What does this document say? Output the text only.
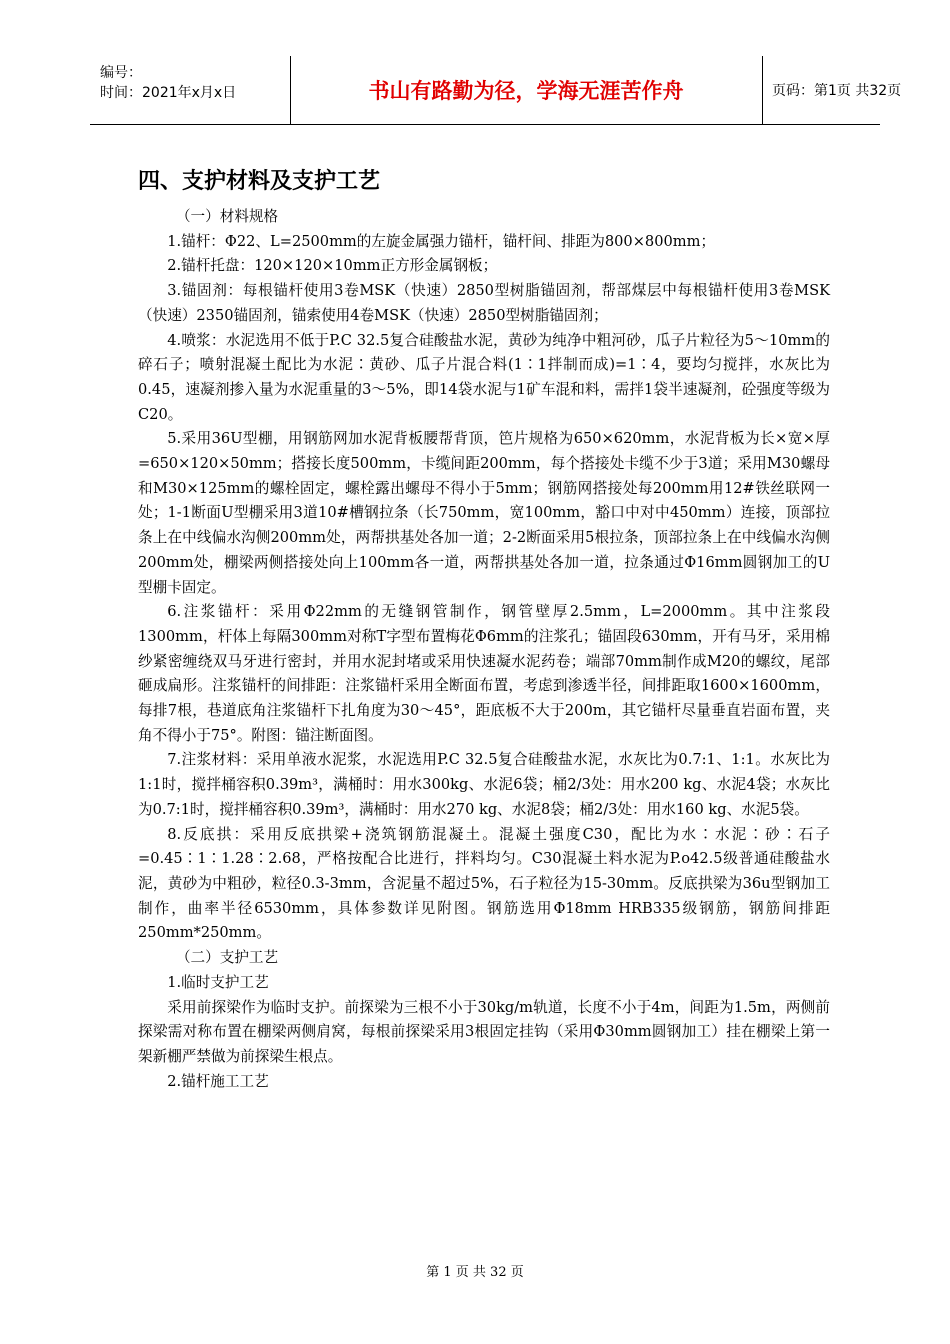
编号：
时间：2021年x月x日	书山有路勤为径，学海无涯苦作舟	页码：第1页 共32页
四、支护材料及支护工艺

（一）材料规格

1.锚杆：Φ22、L=2500mm的左旋金属强力锚杆，锚杆间、排距为800×800mm；

2.锚杆托盘：120×120×10mm正方形金属钢板；

3.锚固剂：每根锚杆使用3卷MSK（快速）2850型树脂锚固剂，帮部煤层中每根锚杆使用3卷MSK（快速）2350锚固剂，锚索使用4卷MSK（快速）2850型树脂锚固剂；

4.喷浆：水泥选用不低于P.C 32.5复合硅酸盐水泥，黄砂为纯净中粗河砂，瓜子片粒径为5～10mm的碎石子；喷射混凝土配比为水泥∶黄砂、瓜子片混合料(1∶1拌制而成)=1∶4，要均匀搅拌，水灰比为0.45，速凝剂掺入量为水泥重量的3～5%，即14袋水泥与1矿车混和料，需拌1袋半速凝剂，砼强度等级为C20。

5.采用36U型棚，用钢筋网加水泥背板腰帮背顶，笆片规格为650×620mm，水泥背板为长×宽×厚=650×120×50mm；搭接长度500mm，卡缆间距200mm，每个搭接处卡缆不少于3道；采用M30螺母和M30×125mm的螺栓固定，螺栓露出螺母不得小于5mm；钢筋网搭接处每200mm用12#铁丝联网一处；1-1断面U型棚采用3道10#槽钢拉条（长750mm，宽100mm，豁口中对中450mm）连接，顶部拉条上在中线偏水沟侧200mm处，两帮拱基处各加一道；2-2断面采用5根拉条，顶部拉条上在中线偏水沟侧200mm处，棚梁两侧搭接处向上100mm各一道，两帮拱基处各加一道，拉条通过Φ16mm圆钢加工的U型棚卡固定。

6.注浆锚杆：采用Φ22mm的无缝钢管制作，钢管壁厚2.5mm，L=2000mm。其中注浆段1300mm，杆体上每隔300mm对称T字型布置梅花Φ6mm的注浆孔；锚固段630mm，开有马牙，采用棉纱紧密缠绕双马牙进行密封，并用水泥封堵或采用快速凝水泥药卷；端部70mm制作成M20的螺纹，尾部砸成扁形。注浆锚杆的间排距：注浆锚杆采用全断面布置，考虑到渗透半径，间排距取1600×1600mm，每排7根，巷道底角注浆锚杆下扎角度为30～45°，距底板不大于200m，其它锚杆尽量垂直岩面布置，夹角不得小于75°。附图：锚注断面图。

7.注浆材料：采用单液水泥浆，水泥选用P.C 32.5复合硅酸盐水泥，水灰比为0.7:1、1:1。水灰比为1:1时，搅拌桶容积0.39m³，满桶时：用水300kg、水泥6袋；桶2/3处：用水200 kg、水泥4袋；水灰比为0.7:1时，搅拌桶容积0.39m³，满桶时：用水270 kg、水泥8袋；桶2/3处：用水160 kg、水泥5袋。

8.反底拱：采用反底拱梁+浇筑钢筋混凝土。混凝土强度C30，配比为水∶水泥∶砂∶石子=0.45∶1∶1.28∶2.68，严格按配合比进行，拌料均匀。C30混凝土料水泥为P.o42.5级普通硅酸盐水泥，黄砂为中粗砂，粒径0.3-3mm，含泥量不超过5%，石子粒径为15-30mm。反底拱梁为36u型钢加工制作，曲率半径6530mm，具体参数详见附图。钢筋选用Φ18mm HRB335级钢筋，钢筋间排距250mm*250mm。

（二）支护工艺

1.临时支护工艺

采用前探梁作为临时支护。前探梁为三根不小于30kg/m轨道，长度不小于4m，间距为1.5m，两侧前探梁需对称布置在棚梁两侧肩窝，每根前探梁采用3根固定挂钩（采用Φ30mm圆钢加工）挂在棚梁上第一架新棚严禁做为前探梁生根点。

2.锚杆施工工艺

第 1 页 共 32 页
